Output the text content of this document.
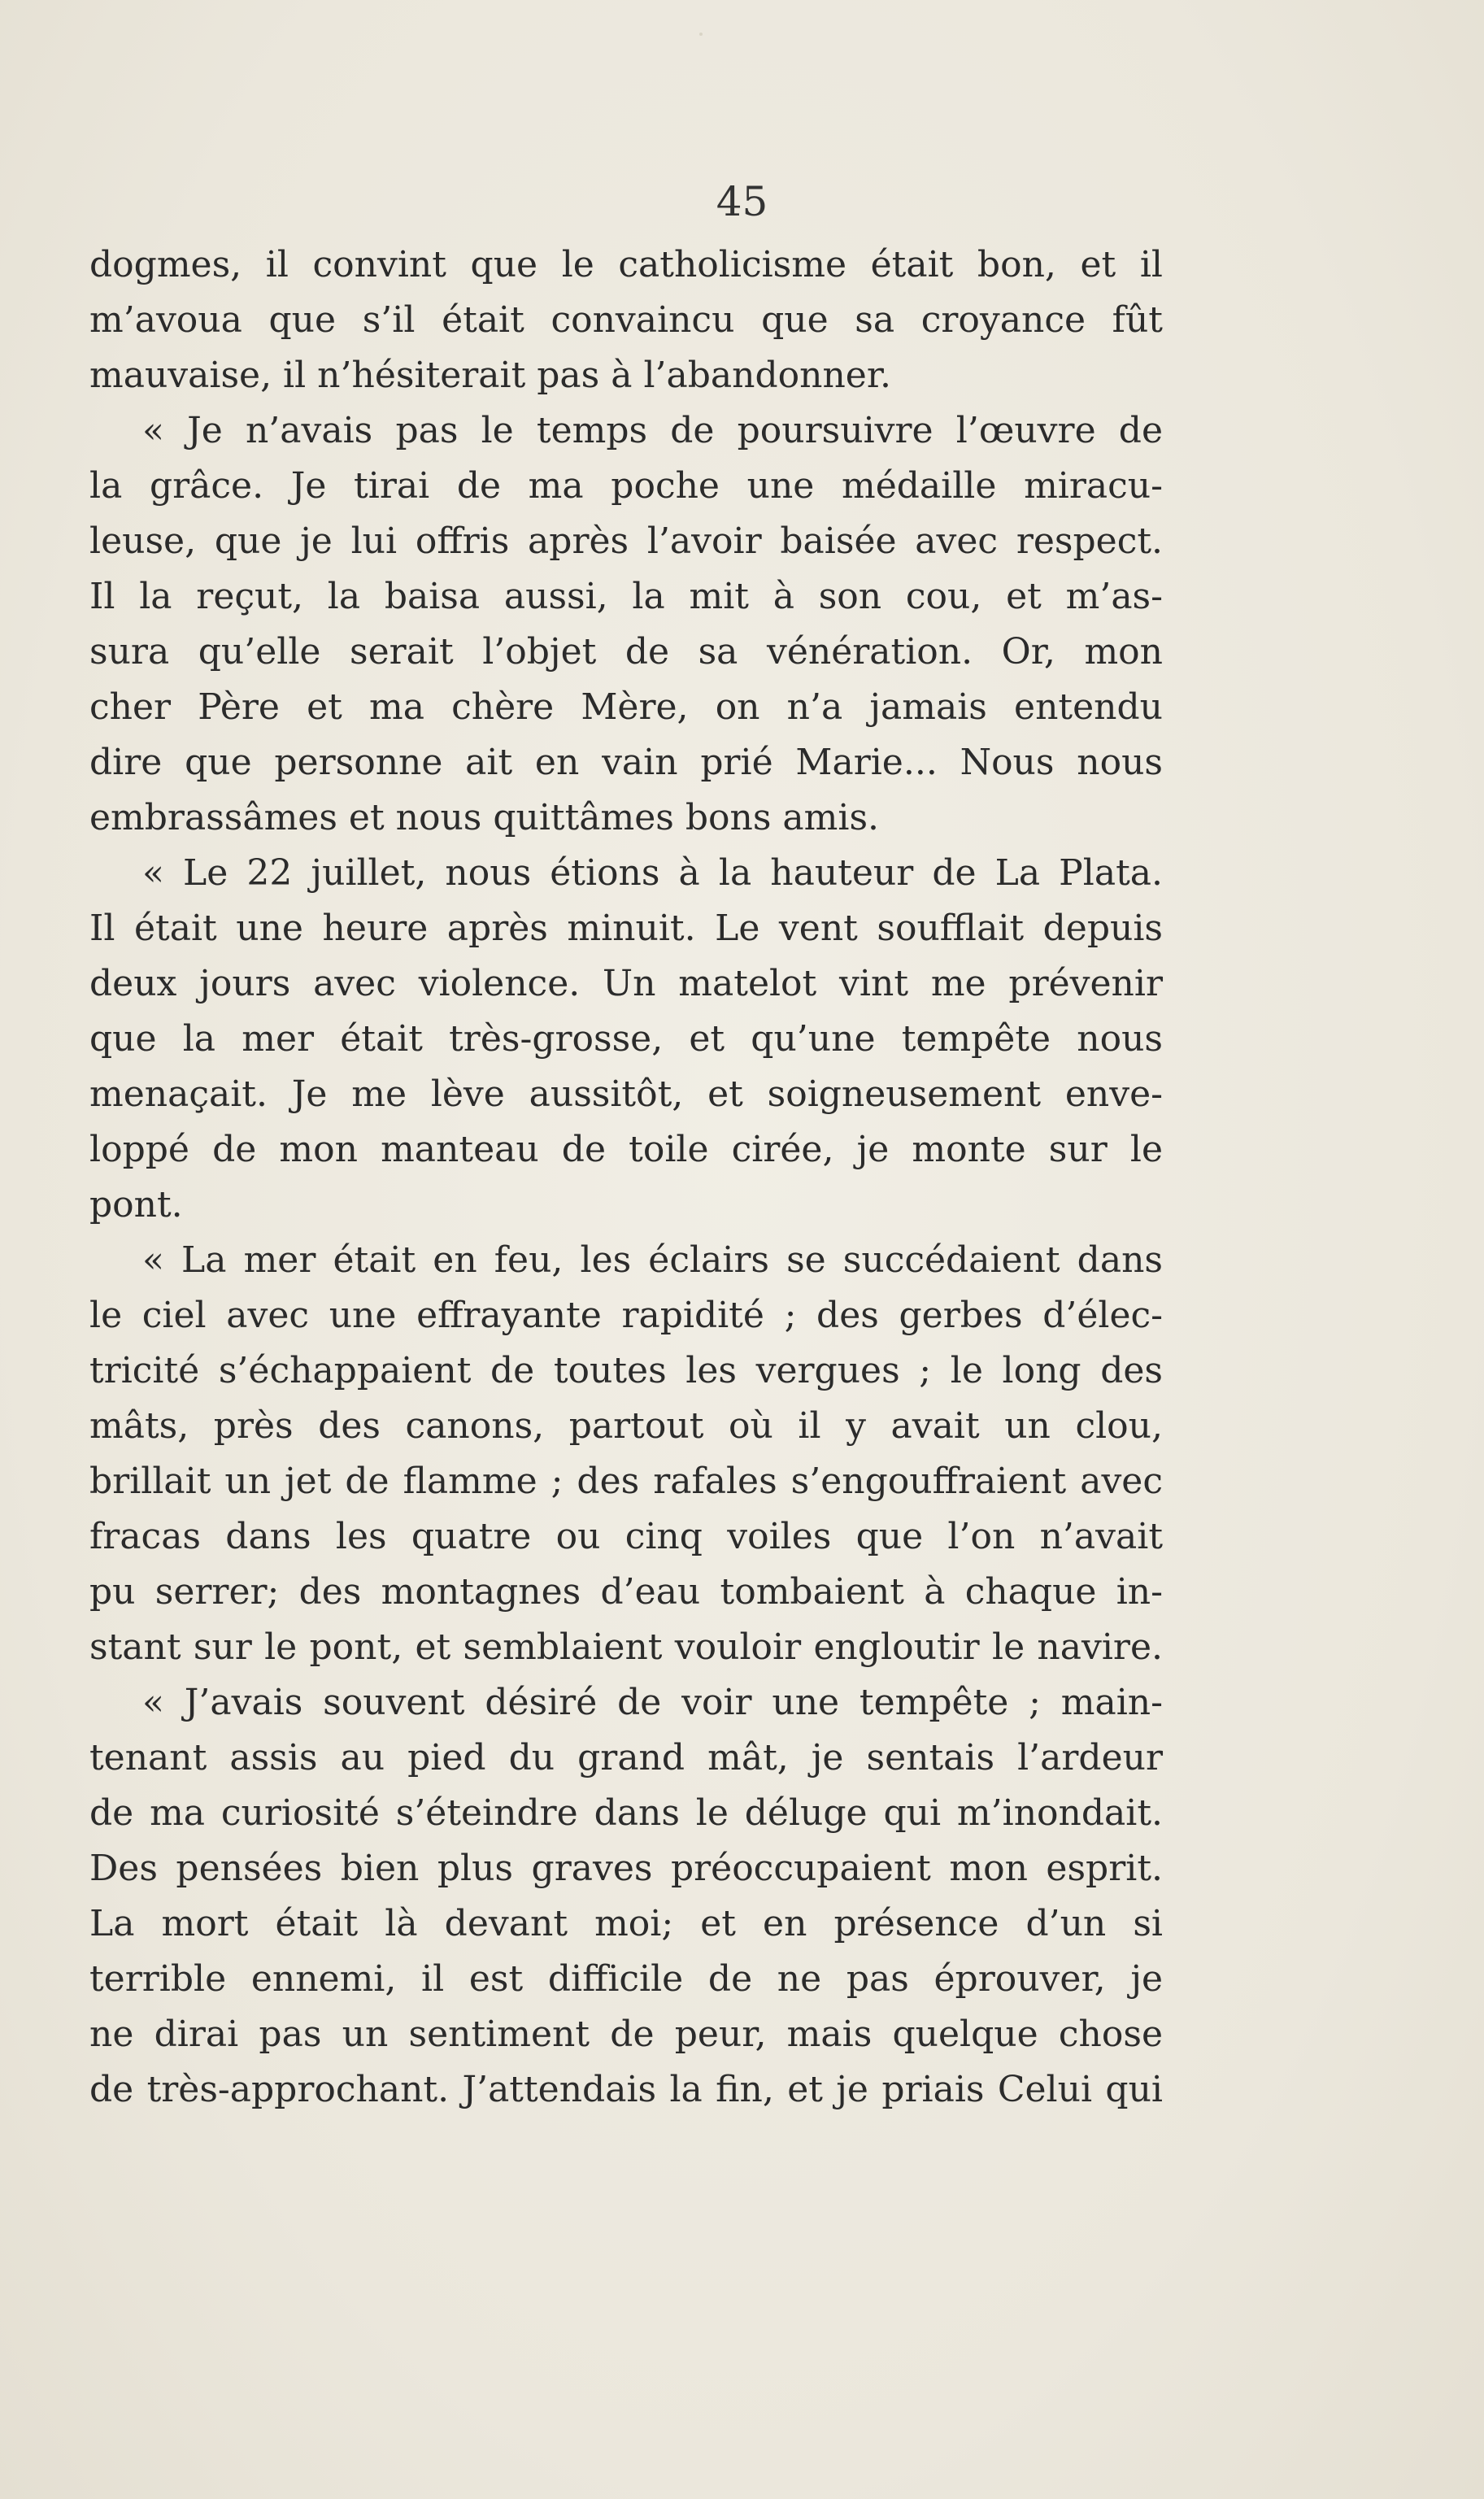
45
dogmes, il convint que le catholicisme était bon, et il
m’avoua que s’il était convaincu que sa croyance fût
mauvaise, il n’hésiterait pas à l’abandonner.
« Je n’avais pas le temps de poursuivre l’œuvre de
la grâce. Je tirai de ma poche une médaille miracu-
leuse, que je lui offris après l’avoir baisée avec respect.
Il la reçut, la baisa aussi, la mit à son cou, et m’as-
sura qu’elle serait l’objet de sa vénération. Or, mon
cher Père et ma chère Mère, on n’a jamais entendu
dire que personne ait en vain prié Marie... Nous nous
embrassâmes et nous quittâmes bons amis.
« Le 22 juillet, nous étions à la hauteur de La Plata.
Il était une heure après minuit. Le vent soufflait depuis
deux jours avec violence. Un matelot vint me prévenir
que la mer était très-grosse, et qu’une tempête nous
menaçait. Je me lève aussitôt, et soigneusement enve-
loppé de mon manteau de toile cirée, je monte sur le
pont.
« La mer était en feu, les éclairs se succédaient dans
le ciel avec une effrayante rapidité ; des gerbes d’élec-
tricité s’échappaient de toutes les vergues ; le long des
mâts, près des canons, partout où il y avait un clou,
brillait un jet de flamme ; des rafales s’engouffraient avec
fracas dans les quatre ou cinq voiles que l’on n’avait
pu serrer; des montagnes d’eau tombaient à chaque in-
stant sur le pont, et semblaient vouloir engloutir le navire.
« J’avais souvent désiré de voir une tempête ; main-
tenant assis au pied du grand mât, je sentais l’ardeur
de ma curiosité s’éteindre dans le déluge qui m’inondait.
Des pensées bien plus graves préoccupaient mon esprit.
La mort était là devant moi; et en présence d’un si
terrible ennemi, il est difficile de ne pas éprouver, je
ne dirai pas un sentiment de peur, mais quelque chose
de très-approchant. J’attendais la fin, et je priais Celui qui
